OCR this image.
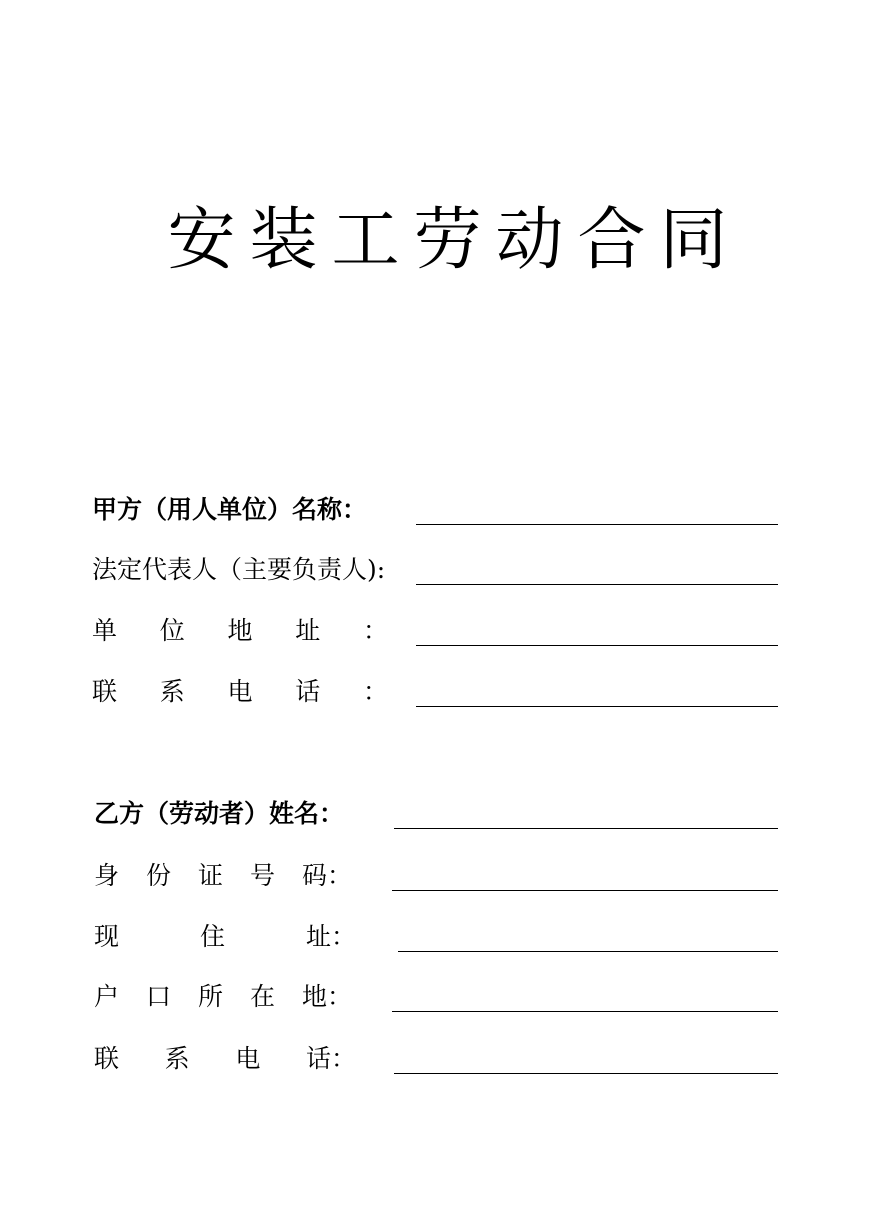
安装工劳动合同
甲方（用人单位）名称：
法定代表人（主要负责人):
单 位 地 址 ：
联 系 电 话 ：
乙方（劳动者）姓名：
身 份 证 号 码：
现	住	址：
户 口 所 在 地：
联 系 电 话：
